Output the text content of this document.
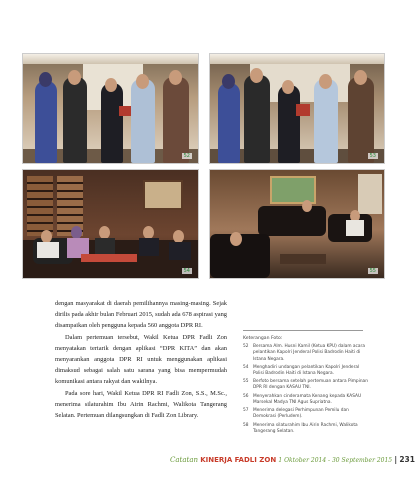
52	53
54	55

dengan masyarakat di daerah pemilihannya masing-masing. Sejak dirilis pada akhir bulan Februari 2015, sudah ada 678 aspirasi yang disampaikan oleh pengguna kepada 560 anggota DPR RI.

Dalam pertemuan tersebut, Wakil Ketua DPR Fadli Zon menyatakan tertarik dengan aplikasi “DPR KITA” dan akan menyarankan anggota DPR RI untuk menggunakan aplikasi dimaksud sebagai salah satu sarana yang bisa mempermudah komunikasi antara rakyat dan wakilnya.

Pada sore hari, Wakil Ketua DPR RI Fadli Zon, S.S., M.Sc., menerima silaturahim Ibu Airin Rachmi, Walikota Tangerang Selatan. Pertemuan dilangsungkan di Fadli Zon Library.

Keterangan Foto:
52	Bersama Alm. Husni Kamil (Ketua KPU) dalam acara pelantikan Kapolri Jenderal Polisi Badrodin Haiti di Istana Negara.
54	Menghadiri undangan pelantikan Kapolri Jenderal Polisi Badrodin Haiti di Istana Negara.
55	Berfoto bersama setelah pertemuan antara Pimpinan DPR RI dengan KASAU TNI.
56	Menyerahkan cinderamata Kenang kepada KASAU Marsekal Madya TNI Agus Supriatna.
57	Menerima delegasi Perhimpunan Pemilu dan Demokrasi (Perludem).
58	Menerima silaturahim Ibu Airin Rachmi, Walikota Tangerang Selatan.
Catatan KINERJA FADLI ZON 1 Oktober 2014 - 30 September 2015 | 231
